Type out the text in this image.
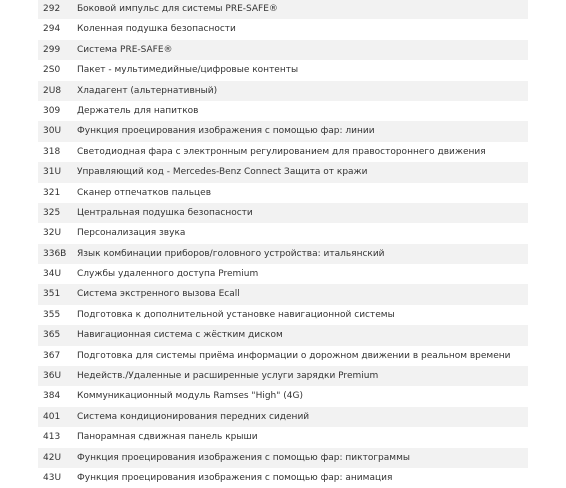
292	Боковой импульс для системы PRE-SAFE®
294	Коленная подушка безопасности
299	Система PRE-SAFE®
2S0	Пакет - мультимедийные/цифровые контенты
2U8	Хладагент (альтернативный)
309	Держатель для напитков
30U	Функция проецирования изображения с помощью фар: линии
318	Светодиодная фара с электронным регулированием для правостороннего движения
31U	Управляющий код - Mercedes-Benz Connect Защита от кражи
321	Сканер отпечатков пальцев
325	Центральная подушка безопасности
32U	Персонализация звука
336B	Язык комбинации приборов/головного устройства: итальянский
34U	Службы удаленного доступа Premium
351	Система экстренного вызова Ecall
355	Подготовка к дополнительной установке навигационной системы
365	Навигационная система с жёстким диском
367	Подготовка для системы приёма информации о дорожном движении в реальном времени
36U	Недейств./Удаленные и расширенные услуги зарядки Premium
384	Коммуникационный модуль Ramses "High" (4G)
401	Система кондиционирования передних сидений
413	Панорамная сдвижная панель крыши
42U	Функция проецирования изображения с помощью фар: пиктограммы
43U	Функция проецирования изображения с помощью фар: анимация
